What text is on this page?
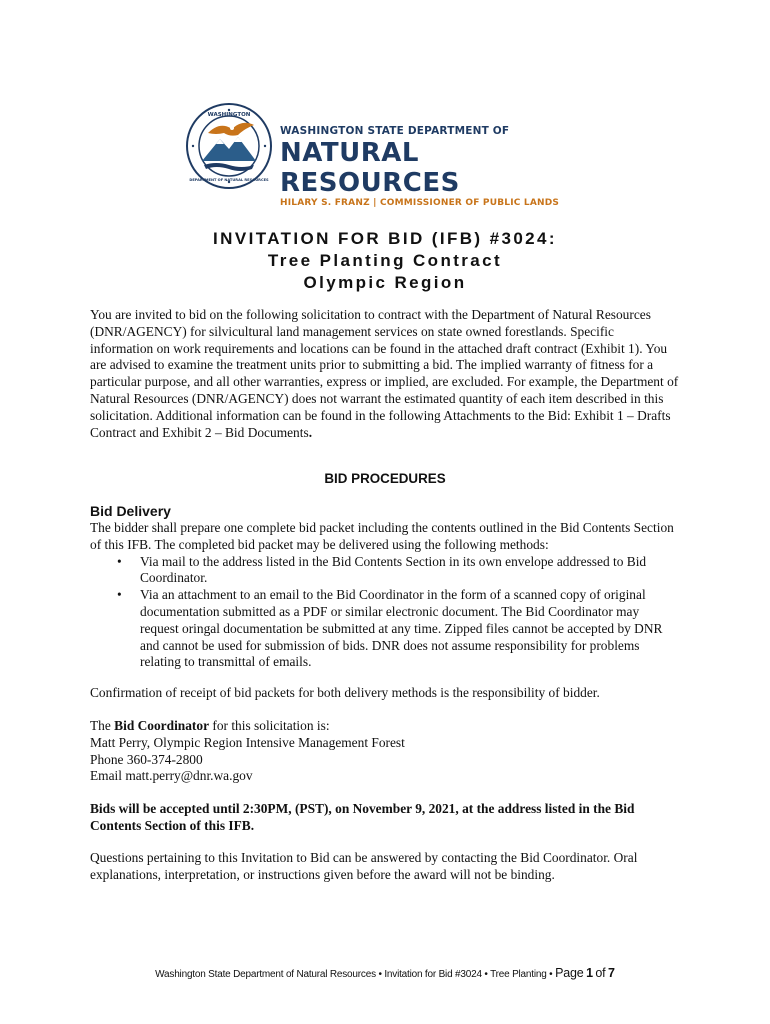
WASHINGTON
DEPARTMENT OF NATURAL RESOURCES
WASHINGTON STATE DEPARTMENT OF
NATURAL RESOURCES
HILARY S. FRANZ | COMMISSIONER OF PUBLIC LANDS
INVITATION FOR BID (IFB) #3024:
Tree Planting Contract
Olympic Region
You are invited to bid on the following solicitation to contract with the Department of Natural Resources (DNR/AGENCY) for silvicultural land management services on state owned forestlands. Specific information on work requirements and locations can be found in the attached draft contract (Exhibit 1). You are advised to examine the treatment units prior to submitting a bid. The implied warranty of fitness for a particular purpose, and all other warranties, express or implied, are excluded. For example, the Department of Natural Resources (DNR/AGENCY) does not warrant the estimated quantity of each item described in this solicitation. Additional information can be found in the following Attachments to the Bid: Exhibit 1 – Drafts Contract and Exhibit 2 – Bid Documents.
BID PROCEDURES
Bid Delivery
The bidder shall prepare one complete bid packet including the contents outlined in the Bid Contents Section of this IFB. The completed bid packet may be delivered using the following methods:
• Via mail to the address listed in the Bid Contents Section in its own envelope addressed to Bid Coordinator.
• Via an attachment to an email to the Bid Coordinator in the form of a scanned copy of original documentation submitted as a PDF or similar electronic document. The Bid Coordinator may request oringal documentation be submitted at any time. Zipped files cannot be accepted by DNR and cannot be used for submission of bids. DNR does not assume responsibility for problems relating to transmittal of emails.
Confirmation of receipt of bid packets for both delivery methods is the responsibility of bidder.
The Bid Coordinator for this solicitation is:
Matt Perry, Olympic Region Intensive Management Forest
Phone 360-374-2800
Email matt.perry@dnr.wa.gov
Bids will be accepted until 2:30PM, (PST), on November 9, 2021, at the address listed in the Bid Contents Section of this IFB.
Questions pertaining to this Invitation to Bid can be answered by contacting the Bid Coordinator. Oral explanations, interpretation, or instructions given before the award will not be binding.
Washington State Department of Natural Resources • Invitation for Bid #3024 • Tree Planting • Page 1 of 7
